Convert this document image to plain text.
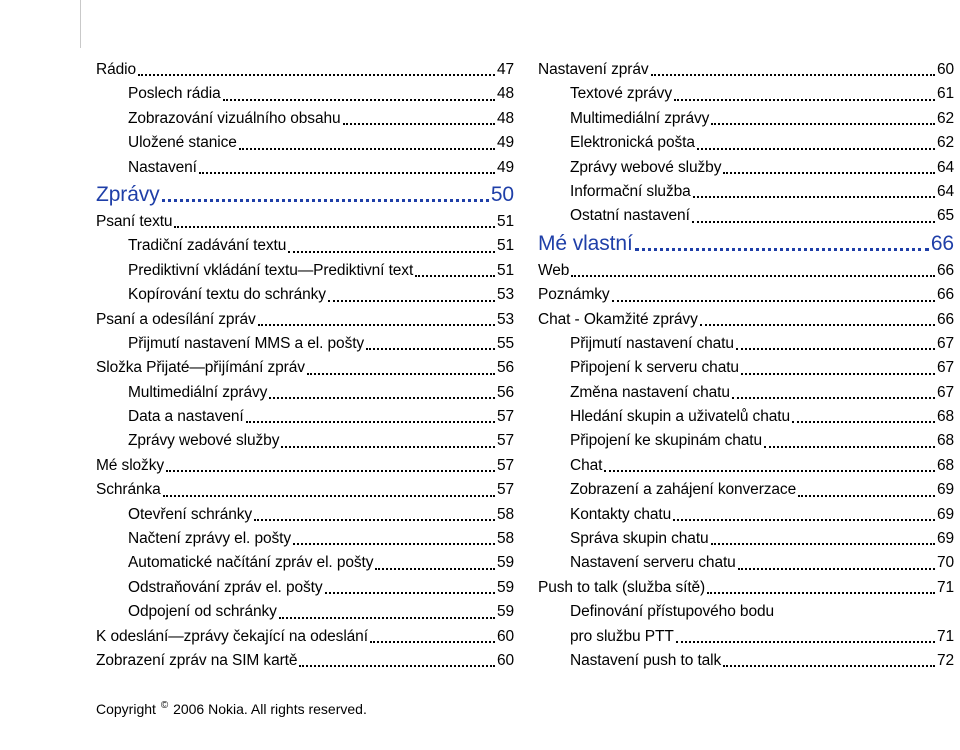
Rádio	47
Poslech rádia	48
Zobrazování vizuálního obsahu	48
Uložené stanice	49
Nastavení	49
Zprávy	50
Psaní textu	51
Tradiční zadávání textu	51
Prediktivní vkládání textu—Prediktivní text	51
Kopírování textu do schránky	53
Psaní a odesílání zpráv	53
Přijmutí nastavení MMS a el. pošty	55
Složka Přijaté—přijímání zpráv	56
Multimediální zprávy	56
Data a nastavení	57
Zprávy webové služby	57
Mé složky	57
Schránka	57
Otevření schránky	58
Načtení zprávy el. pošty	58
Automatické načítání zpráv el. pošty	59
Odstraňování zpráv el. pošty	59
Odpojení od schránky	59
K odeslání—zprávy čekající na odeslání	60
Zobrazení zpráv na SIM kartě	60
Nastavení zpráv	60
Textové zprávy	61
Multimediální zprávy	62
Elektronická pošta	62
Zprávy webové služby	64
Informační služba	64
Ostatní nastavení	65
Mé vlastní	66
Web	66
Poznámky	66
Chat - Okamžité zprávy	66
Přijmutí nastavení chatu	67
Připojení k serveru chatu	67
Změna nastavení chatu	67
Hledání skupin a uživatelů chatu	68
Připojení ke skupinám chatu	68
Chat	68
Zobrazení a zahájení konverzace	69
Kontakty chatu	69
Správa skupin chatu	69
Nastavení serveru chatu	70
Push to talk (služba sítě)	71
Definování přístupového bodu
pro službu PTT	71
Nastavení push to talk	72
Copyright © 2006 Nokia. All rights reserved.
